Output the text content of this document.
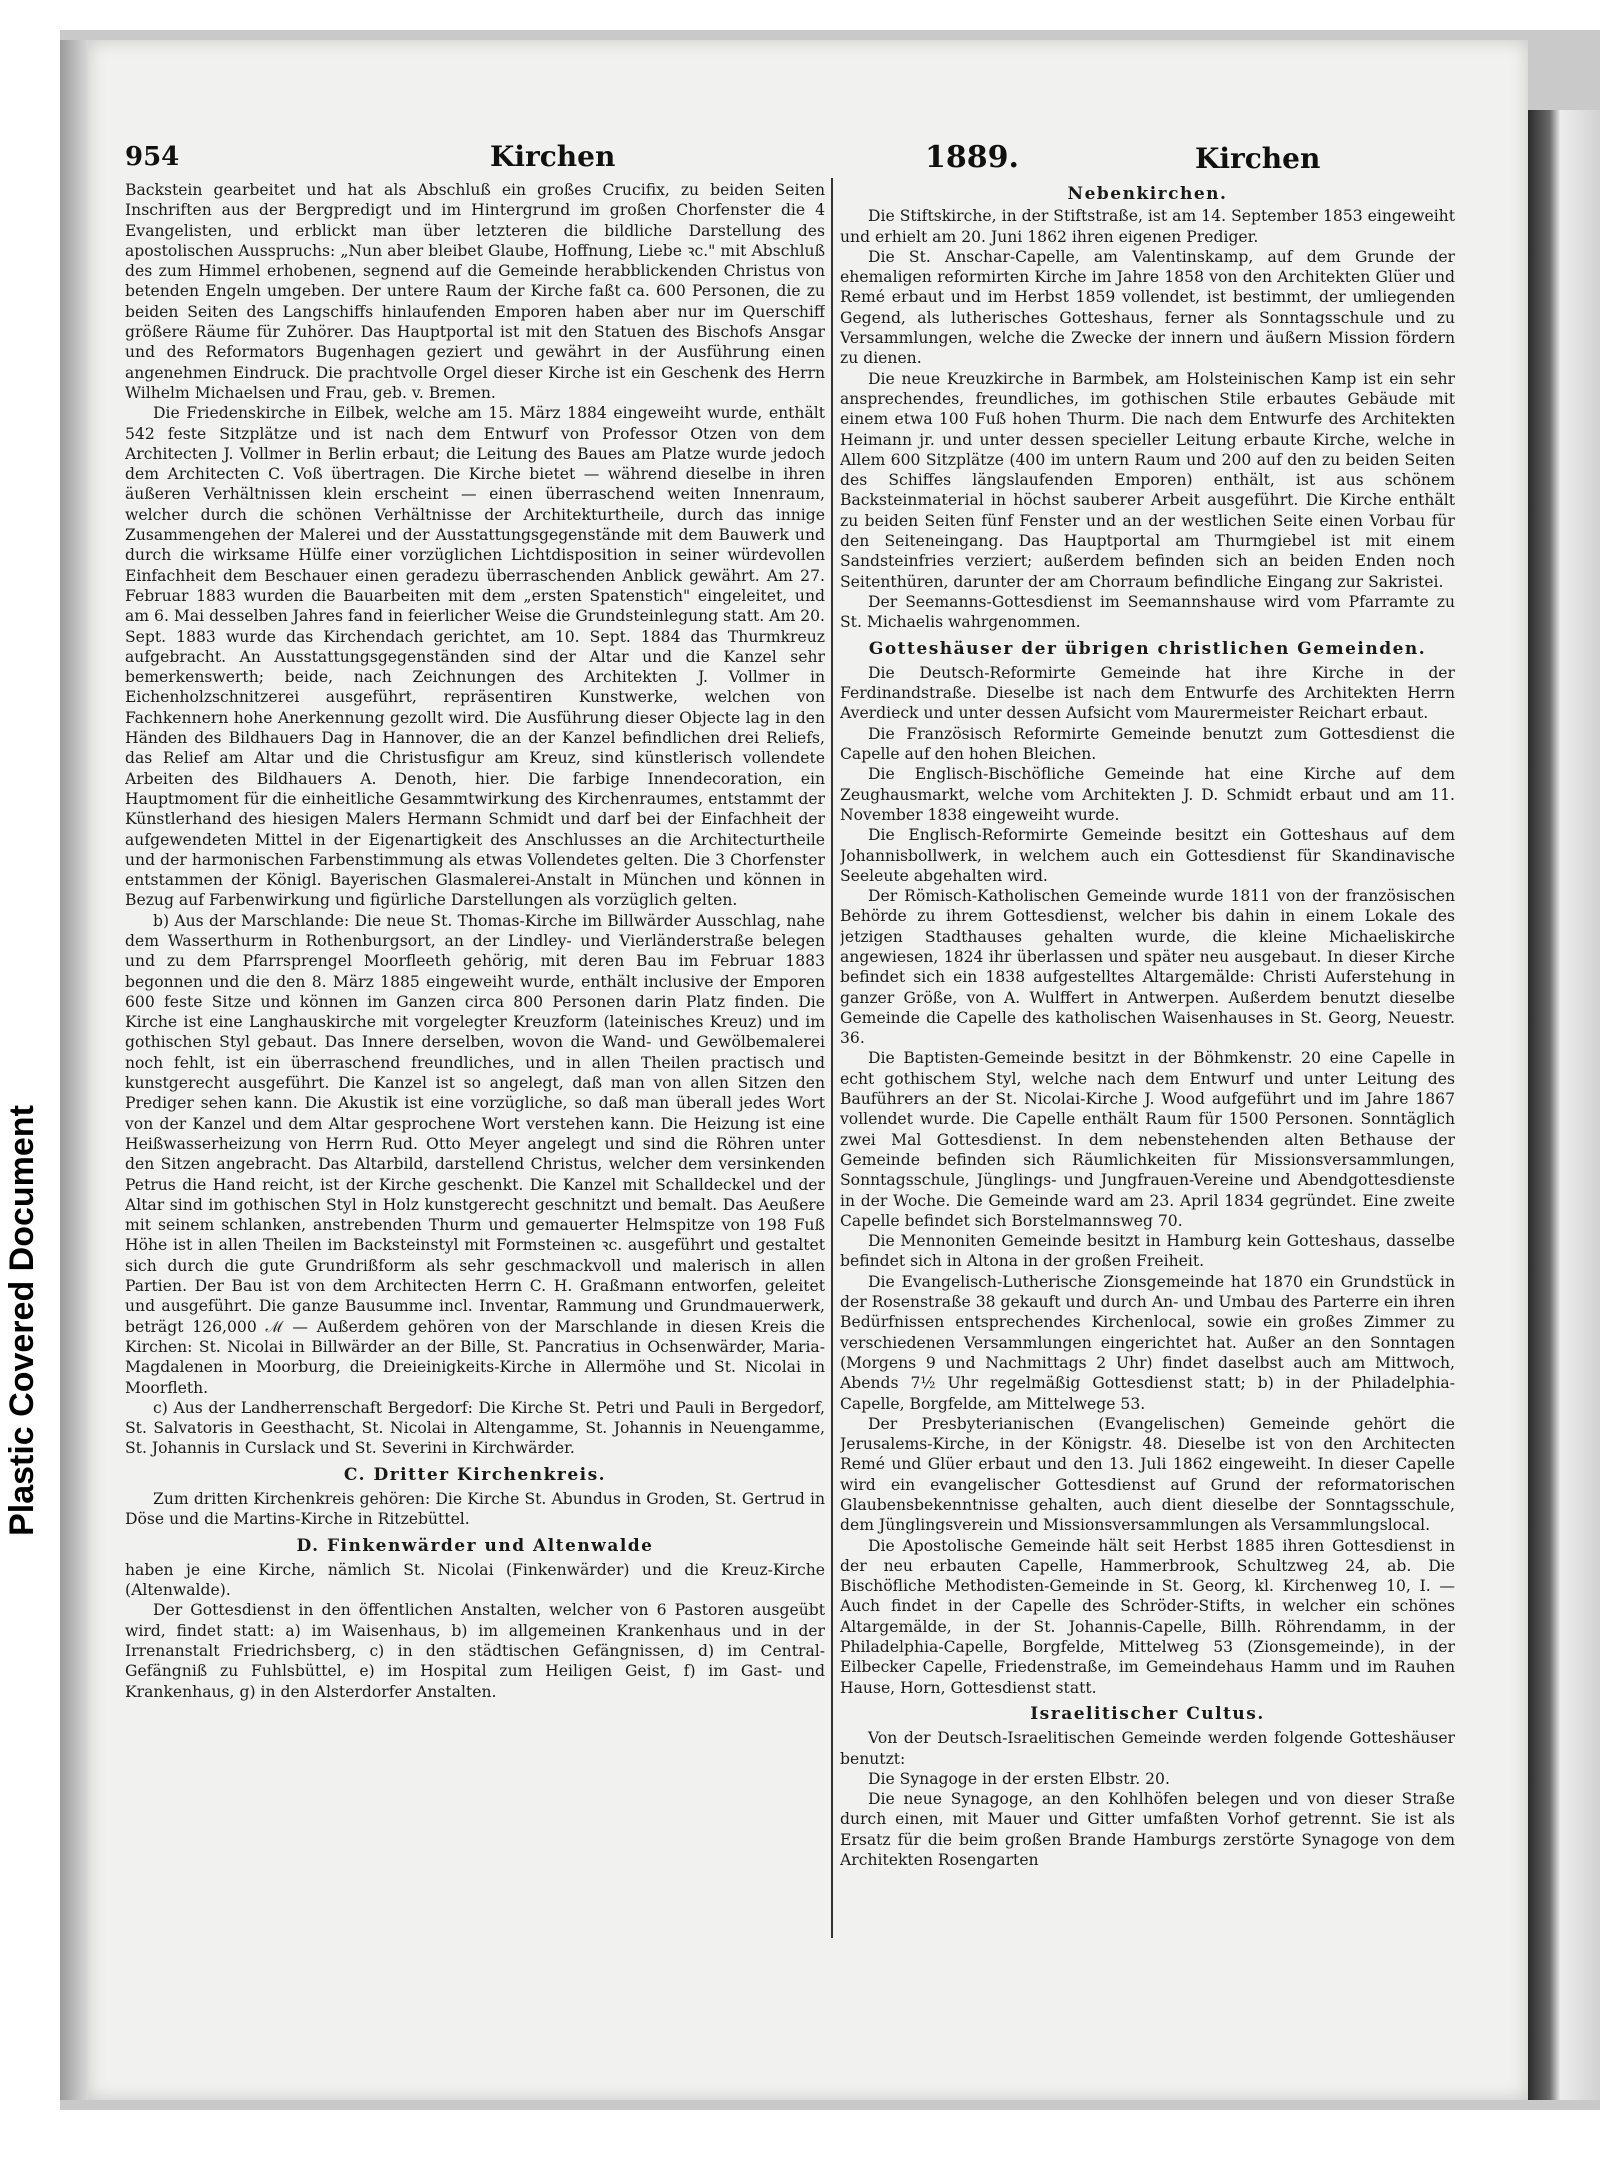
Plastic Covered Document
954	Kirchen	1889.	Kirchen

Backstein gearbeitet und hat als Abschluß ein großes Crucifix, zu beiden Seiten Inschriften aus der Bergpredigt und im Hintergrund im großen Chorfenster die 4 Evangelisten, und erblickt man über letzteren die bildliche Darstellung des apostolischen Ausspruchs: „Nun aber bleibet Glaube, Hoffnung, Liebe ꝛc." mit Abschluß des zum Himmel erhobenen, segnend auf die Gemeinde herabblickenden Christus von betenden Engeln umgeben. Der untere Raum der Kirche faßt ca. 600 Personen, die zu beiden Seiten des Langschiffs hinlaufenden Emporen haben aber nur im Querschiff größere Räume für Zuhörer. Das Hauptportal ist mit den Statuen des Bischofs Ansgar und des Reformators Bugenhagen geziert und gewährt in der Ausführung einen angenehmen Eindruck. Die prachtvolle Orgel dieser Kirche ist ein Geschenk des Herrn Wilhelm Michaelsen und Frau, geb. v. Bremen.

Die Friedenskirche in Eilbek, welche am 15. März 1884 eingeweiht wurde, enthält 542 feste Sitzplätze und ist nach dem Entwurf von Professor Otzen von dem Architecten J. Vollmer in Berlin erbaut; die Leitung des Baues am Platze wurde jedoch dem Architecten C. Voß übertragen. Die Kirche bietet — während dieselbe in ihren äußeren Verhältnissen klein erscheint — einen überraschend weiten Innenraum, welcher durch die schönen Verhältnisse der Architekturtheile, durch das innige Zusammengehen der Malerei und der Ausstattungsgegenstände mit dem Bauwerk und durch die wirksame Hülfe einer vorzüglichen Lichtdisposition in seiner würdevollen Einfachheit dem Beschauer einen geradezu überraschenden Anblick gewährt. Am 27. Februar 1883 wurden die Bauarbeiten mit dem „ersten Spatenstich" eingeleitet, und am 6. Mai desselben Jahres fand in feierlicher Weise die Grundsteinlegung statt. Am 20. Sept. 1883 wurde das Kirchendach gerichtet, am 10. Sept. 1884 das Thurmkreuz aufgebracht. An Ausstattungsgegenständen sind der Altar und die Kanzel sehr bemerkenswerth; beide, nach Zeichnungen des Architekten J. Vollmer in Eichenholzschnitzerei ausgeführt, repräsentiren Kunstwerke, welchen von Fachkennern hohe Anerkennung gezollt wird. Die Ausführung dieser Objecte lag in den Händen des Bildhauers Dag in Hannover, die an der Kanzel befindlichen drei Reliefs, das Relief am Altar und die Christusfigur am Kreuz, sind künstlerisch vollendete Arbeiten des Bildhauers A. Denoth, hier. Die farbige Innendecoration, ein Hauptmoment für die einheitliche Gesammtwirkung des Kirchenraumes, entstammt der Künstlerhand des hiesigen Malers Hermann Schmidt und darf bei der Einfachheit der aufgewendeten Mittel in der Eigenartigkeit des Anschlusses an die Architecturtheile und der harmonischen Farbenstimmung als etwas Vollendetes gelten. Die 3 Chorfenster entstammen der Königl. Bayerischen Glasmalerei-Anstalt in München und können in Bezug auf Farbenwirkung und figürliche Darstellungen als vorzüglich gelten.

b) Aus der Marschlande: Die neue St. Thomas-Kirche im Billwärder Ausschlag, nahe dem Wasserthurm in Rothenburgsort, an der Lindley- und Vierländerstraße belegen und zu dem Pfarrsprengel Moorfleeth gehörig, mit deren Bau im Februar 1883 begonnen und die den 8. März 1885 eingeweiht wurde, enthält inclusive der Emporen 600 feste Sitze und können im Ganzen circa 800 Personen darin Platz finden. Die Kirche ist eine Langhauskirche mit vorgelegter Kreuzform (lateinisches Kreuz) und im gothischen Styl gebaut. Das Innere derselben, wovon die Wand- und Gewölbemalerei noch fehlt, ist ein überraschend freundliches, und in allen Theilen practisch und kunstgerecht ausgeführt. Die Kanzel ist so angelegt, daß man von allen Sitzen den Prediger sehen kann. Die Akustik ist eine vorzügliche, so daß man überall jedes Wort von der Kanzel und dem Altar gesprochene Wort verstehen kann. Die Heizung ist eine Heißwasserheizung von Herrn Rud. Otto Meyer angelegt und sind die Röhren unter den Sitzen angebracht. Das Altarbild, darstellend Christus, welcher dem versinkenden Petrus die Hand reicht, ist der Kirche geschenkt. Die Kanzel mit Schalldeckel und der Altar sind im gothischen Styl in Holz kunstgerecht geschnitzt und bemalt. Das Aeußere mit seinem schlanken, anstrebenden Thurm und gemauerter Helmspitze von 198 Fuß Höhe ist in allen Theilen im Backsteinstyl mit Formsteinen ꝛc. ausgeführt und gestaltet sich durch die gute Grundrißform als sehr geschmackvoll und malerisch in allen Partien. Der Bau ist von dem Architecten Herrn C. H. Graßmann entworfen, geleitet und ausgeführt. Die ganze Bausumme incl. Inventar, Rammung und Grundmauerwerk, beträgt 126,000 ℳ — Außerdem gehören von der Marschlande in diesen Kreis die Kirchen: St. Nicolai in Billwärder an der Bille, St. Pancratius in Ochsenwärder, Maria-Magdalenen in Moorburg, die Dreieinigkeits-Kirche in Allermöhe und St. Nicolai in Moorfleth.

c) Aus der Landherrenschaft Bergedorf: Die Kirche St. Petri und Pauli in Bergedorf, St. Salvatoris in Geesthacht, St. Nicolai in Altengamme, St. Johannis in Neuengamme, St. Johannis in Curslack und St. Severini in Kirchwärder.

C. Dritter Kirchenkreis.

Zum dritten Kirchenkreis gehören: Die Kirche St. Abundus in Groden, St. Gertrud in Döse und die Martins-Kirche in Ritzebüttel.

D. Finkenwärder und Altenwalde

haben je eine Kirche, nämlich St. Nicolai (Finkenwärder) und die Kreuz-Kirche (Altenwalde).

Der Gottesdienst in den öffentlichen Anstalten, welcher von 6 Pastoren ausgeübt wird, findet statt: a) im Waisenhaus, b) im allgemeinen Krankenhaus und in der Irrenanstalt Friedrichsberg, c) in den städtischen Gefängnissen, d) im Central-Gefängniß zu Fuhlsbüttel, e) im Hospital zum Heiligen Geist, f) im Gast- und Krankenhaus, g) in den Alsterdorfer Anstalten.

Nebenkirchen.

Die Stiftskirche, in der Stiftstraße, ist am 14. September 1853 eingeweiht und erhielt am 20. Juni 1862 ihren eigenen Prediger.

Die St. Anschar-Capelle, am Valentinskamp, auf dem Grunde der ehemaligen reformirten Kirche im Jahre 1858 von den Architekten Glüer und Remé erbaut und im Herbst 1859 vollendet, ist bestimmt, der umliegenden Gegend, als lutherisches Gotteshaus, ferner als Sonntagsschule und zu Versammlungen, welche die Zwecke der innern und äußern Mission fördern zu dienen.

Die neue Kreuzkirche in Barmbek, am Holsteinischen Kamp ist ein sehr ansprechendes, freundliches, im gothischen Stile erbautes Gebäude mit einem etwa 100 Fuß hohen Thurm. Die nach dem Entwurfe des Architekten Heimann jr. und unter dessen specieller Leitung erbaute Kirche, welche in Allem 600 Sitzplätze (400 im untern Raum und 200 auf den zu beiden Seiten des Schiffes längslaufenden Emporen) enthält, ist aus schönem Backsteinmaterial in höchst sauberer Arbeit ausgeführt. Die Kirche enthält zu beiden Seiten fünf Fenster und an der westlichen Seite einen Vorbau für den Seiteneingang. Das Hauptportal am Thurmgiebel ist mit einem Sandsteinfries verziert; außerdem befinden sich an beiden Enden noch Seitenthüren, darunter der am Chorraum befindliche Eingang zur Sakristei.

Der Seemanns-Gottesdienst im Seemannshause wird vom Pfarramte zu St. Michaelis wahrgenommen.

Gotteshäuser der übrigen christlichen Gemeinden.

Die Deutsch-Reformirte Gemeinde hat ihre Kirche in der Ferdinandstraße. Dieselbe ist nach dem Entwurfe des Architekten Herrn Averdieck und unter dessen Aufsicht vom Maurermeister Reichart erbaut.

Die Französisch Reformirte Gemeinde benutzt zum Gottesdienst die Capelle auf den hohen Bleichen.

Die Englisch-Bischöfliche Gemeinde hat eine Kirche auf dem Zeughausmarkt, welche vom Architekten J. D. Schmidt erbaut und am 11. November 1838 eingeweiht wurde.

Die Englisch-Reformirte Gemeinde besitzt ein Gotteshaus auf dem Johannisbollwerk, in welchem auch ein Gottesdienst für Skandinavische Seeleute abgehalten wird.

Der Römisch-Katholischen Gemeinde wurde 1811 von der französischen Behörde zu ihrem Gottesdienst, welcher bis dahin in einem Lokale des jetzigen Stadthauses gehalten wurde, die kleine Michaeliskirche angewiesen, 1824 ihr überlassen und später neu ausgebaut. In dieser Kirche befindet sich ein 1838 aufgestelltes Altargemälde: Christi Auferstehung in ganzer Größe, von A. Wulffert in Antwerpen. Außerdem benutzt dieselbe Gemeinde die Capelle des katholischen Waisenhauses in St. Georg, Neuestr. 36.

Die Baptisten-Gemeinde besitzt in der Böhmkenstr. 20 eine Capelle in echt gothischem Styl, welche nach dem Entwurf und unter Leitung des Bauführers an der St. Nicolai-Kirche J. Wood aufgeführt und im Jahre 1867 vollendet wurde. Die Capelle enthält Raum für 1500 Personen. Sonntäglich zwei Mal Gottesdienst. In dem nebenstehenden alten Bethause der Gemeinde befinden sich Räumlichkeiten für Missionsversammlungen, Sonntagsschule, Jünglings- und Jungfrauen-Vereine und Abendgottesdienste in der Woche. Die Gemeinde ward am 23. April 1834 gegründet. Eine zweite Capelle befindet sich Borstelmannsweg 70.

Die Mennoniten Gemeinde besitzt in Hamburg kein Gotteshaus, dasselbe befindet sich in Altona in der großen Freiheit.

Die Evangelisch-Lutherische Zionsgemeinde hat 1870 ein Grundstück in der Rosenstraße 38 gekauft und durch An- und Umbau des Parterre ein ihren Bedürfnissen entsprechendes Kirchenlocal, sowie ein großes Zimmer zu verschiedenen Versammlungen eingerichtet hat. Außer an den Sonntagen (Morgens 9 und Nachmittags 2 Uhr) findet daselbst auch am Mittwoch, Abends 7½ Uhr regelmäßig Gottesdienst statt; b) in der Philadelphia-Capelle, Borgfelde, am Mittelwege 53.

Der Presbyterianischen (Evangelischen) Gemeinde gehört die Jerusalems-Kirche, in der Königstr. 48. Dieselbe ist von den Architecten Remé und Glüer erbaut und den 13. Juli 1862 eingeweiht. In dieser Capelle wird ein evangelischer Gottesdienst auf Grund der reformatorischen Glaubensbekenntnisse gehalten, auch dient dieselbe der Sonntagsschule, dem Jünglingsverein und Missionsversammlungen als Versammlungslocal.

Die Apostolische Gemeinde hält seit Herbst 1885 ihren Gottesdienst in der neu erbauten Capelle, Hammerbrook, Schultzweg 24, ab. Die Bischöfliche Methodisten-Gemeinde in St. Georg, kl. Kirchenweg 10, I. — Auch findet in der Capelle des Schröder-Stifts, in welcher ein schönes Altargemälde, in der St. Johannis-Capelle, Billh. Röhrendamm, in der Philadelphia-Capelle, Borgfelde, Mittelweg 53 (Zionsgemeinde), in der Eilbecker Capelle, Friedenstraße, im Gemeindehaus Hamm und im Rauhen Hause, Horn, Gottesdienst statt.

Israelitischer Cultus.

Von der Deutsch-Israelitischen Gemeinde werden folgende Gotteshäuser benutzt:

Die Synagoge in der ersten Elbstr. 20.

Die neue Synagoge, an den Kohlhöfen belegen und von dieser Straße durch einen, mit Mauer und Gitter umfaßten Vorhof getrennt. Sie ist als Ersatz für die beim großen Brande Hamburgs zerstörte Synagoge von dem Architekten Rosengarten
